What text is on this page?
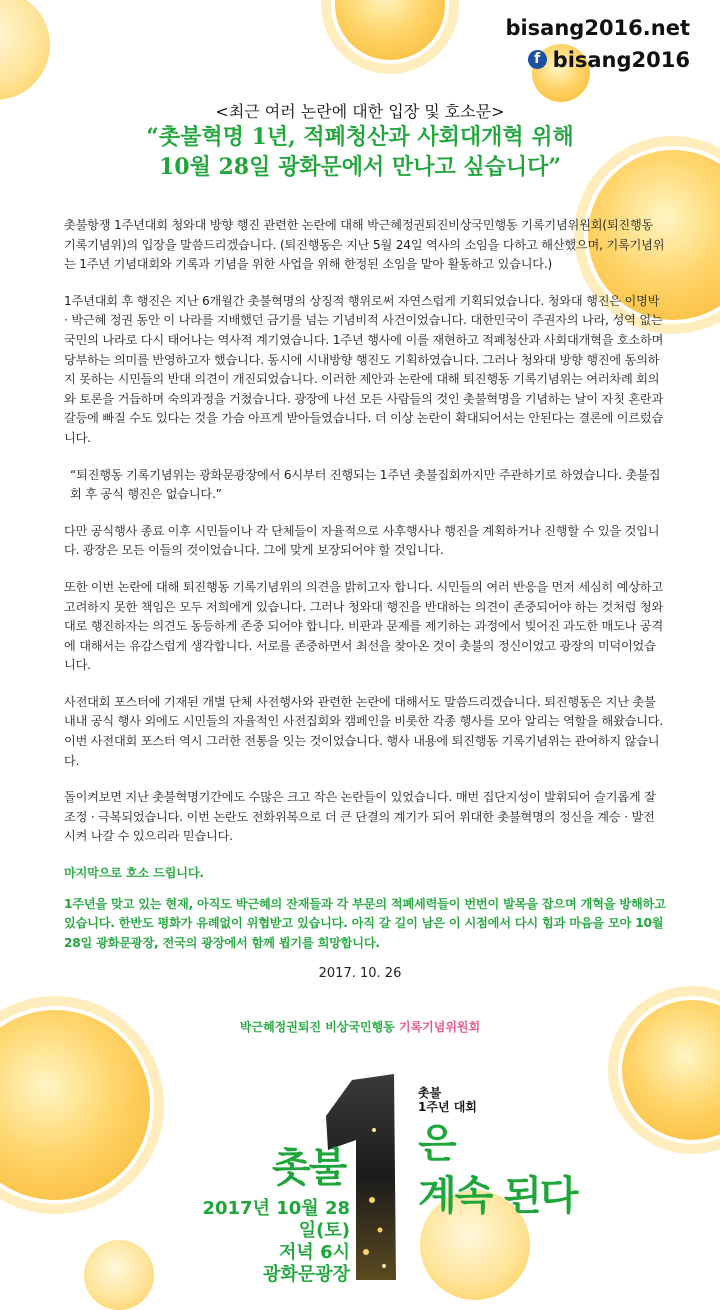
bisang2016.net
f bisang2016
<최근 여러 논란에 대한 입장 및 호소문>
“촛불혁명 1년, 적폐청산과 사회대개혁 위해
10월 28일 광화문에서 만나고 싶습니다”

촛불항쟁 1주년대회 청와대 방향 행진 관련한 논란에 대해 박근혜정권퇴진비상국민행동 기록기념위원회(퇴진행동 기록기념위)의 입장을 말씀드리겠습니다. (퇴진행동은 지난 5월 24일 역사의 소임을 다하고 해산했으며, 기록기념위는 1주년 기념대회와 기록과 기념을 위한 사업을 위해 한정된 소임을 맡아 활동하고 있습니다.)

1주년대회 후 행진은 지난 6개월간 촛불혁명의 상징적 행위로써 자연스럽게 기획되었습니다. 청와대 행진은 이명박 · 박근혜 정권 동안 이 나라를 지배했던 금기를 넘는 기념비적 사건이었습니다. 대한민국이 주권자의 나라, 성역 없는 국민의 나라로 다시 태어나는 역사적 계기였습니다. 1주년 행사에 이를 재현하고 적폐청산과 사회대개혁을 호소하며 당부하는 의미를 반영하고자 했습니다. 동시에 시내방향 행진도 기획하였습니다. 그러나 청와대 방향 행진에 동의하지 못하는 시민들의 반대 의견이 개진되었습니다. 이러한 제안과 논란에 대해 퇴진행동 기록기념위는 여러차례 회의와 토론을 거듭하며 숙의과정을 거쳤습니다. 광장에 나선 모든 사람들의 것인 촛불혁명을 기념하는 날이 자칫 혼란과 갈등에 빠질 수도 있다는 것을 가슴 아프게 받아들였습니다. 더 이상 논란이 확대되어서는 안된다는 결론에 이르렀습니다.

“퇴진행동 기록기념위는 광화문광장에서 6시부터 진행되는 1주년 촛불집회까지만 주관하기로 하였습니다. 촛불집회 후 공식 행진은 없습니다.”

다만 공식행사 종료 이후 시민들이나 각 단체들이 자율적으로 사후행사나 행진을 계획하거나 진행할 수 있을 것입니다. 광장은 모든 이들의 것이었습니다. 그에 맞게 보장되어야 할 것입니다.

또한 이번 논란에 대해 퇴진행동 기록기념위의 의견을 밝히고자 합니다. 시민들의 여러 반응을 먼저 세심히 예상하고 고려하지 못한 책임은 모두 저희에게 있습니다. 그러나 청와대 행진을 반대하는 의견이 존중되어야 하는 것처럼 청와대로 행진하자는 의견도 동등하게 존중 되어야 합니다. 비판과 문제를 제기하는 과정에서 빚어진 과도한 매도나 공격에 대해서는 유감스럽게 생각합니다. 서로를 존중하면서 최선을 찾아온 것이 촛불의 정신이었고 광장의 미덕이었습니다.

사전대회 포스터에 기재된 개별 단체 사전행사와 관련한 논란에 대해서도 말씀드리겠습니다. 퇴진행동은 지난 촛불 내내 공식 행사 외에도 시민들의 자율적인 사전집회와 캠페인을 비롯한 각종 행사를 모아 알리는 역할을 해왔습니다. 이번 사전대회 포스터 역시 그러한 전통을 잇는 것이었습니다. 행사 내용에 퇴진행동 기록기념위는 관여하지 않습니다.

돌이켜보면 지난 촛불혁명기간에도 수많은 크고 작은 논란들이 있었습니다. 매번 집단지성이 발휘되어 슬기롭게 잘 조정 · 극복되었습니다. 이번 논란도 전화위복으로 더 큰 단결의 계기가 되어 위대한 촛불혁명의 정신을 계승 · 발전시켜 나갈 수 있으리라 믿습니다.

마지막으로 호소 드립니다.

1주년을 맞고 있는 현재, 아직도 박근혜의 잔재들과 각 부문의 적폐세력들이 번번이 발목을 잡으며 개혁을 방해하고 있습니다. 한반도 평화가 유례없이 위협받고 있습니다. 아직 갈 길이 남은 이 시점에서 다시 힘과 마음을 모아 10월 28일 광화문광장, 전국의 광장에서 함께 뵙기를 희망합니다.

2017. 10. 26
박근혜정권퇴진 비상국민행동 기록기념위원회
1
촛불
1주년 대회
촛불
은
계속 된다
2017년 10월 28일(토)
저녁 6시
광화문광장
